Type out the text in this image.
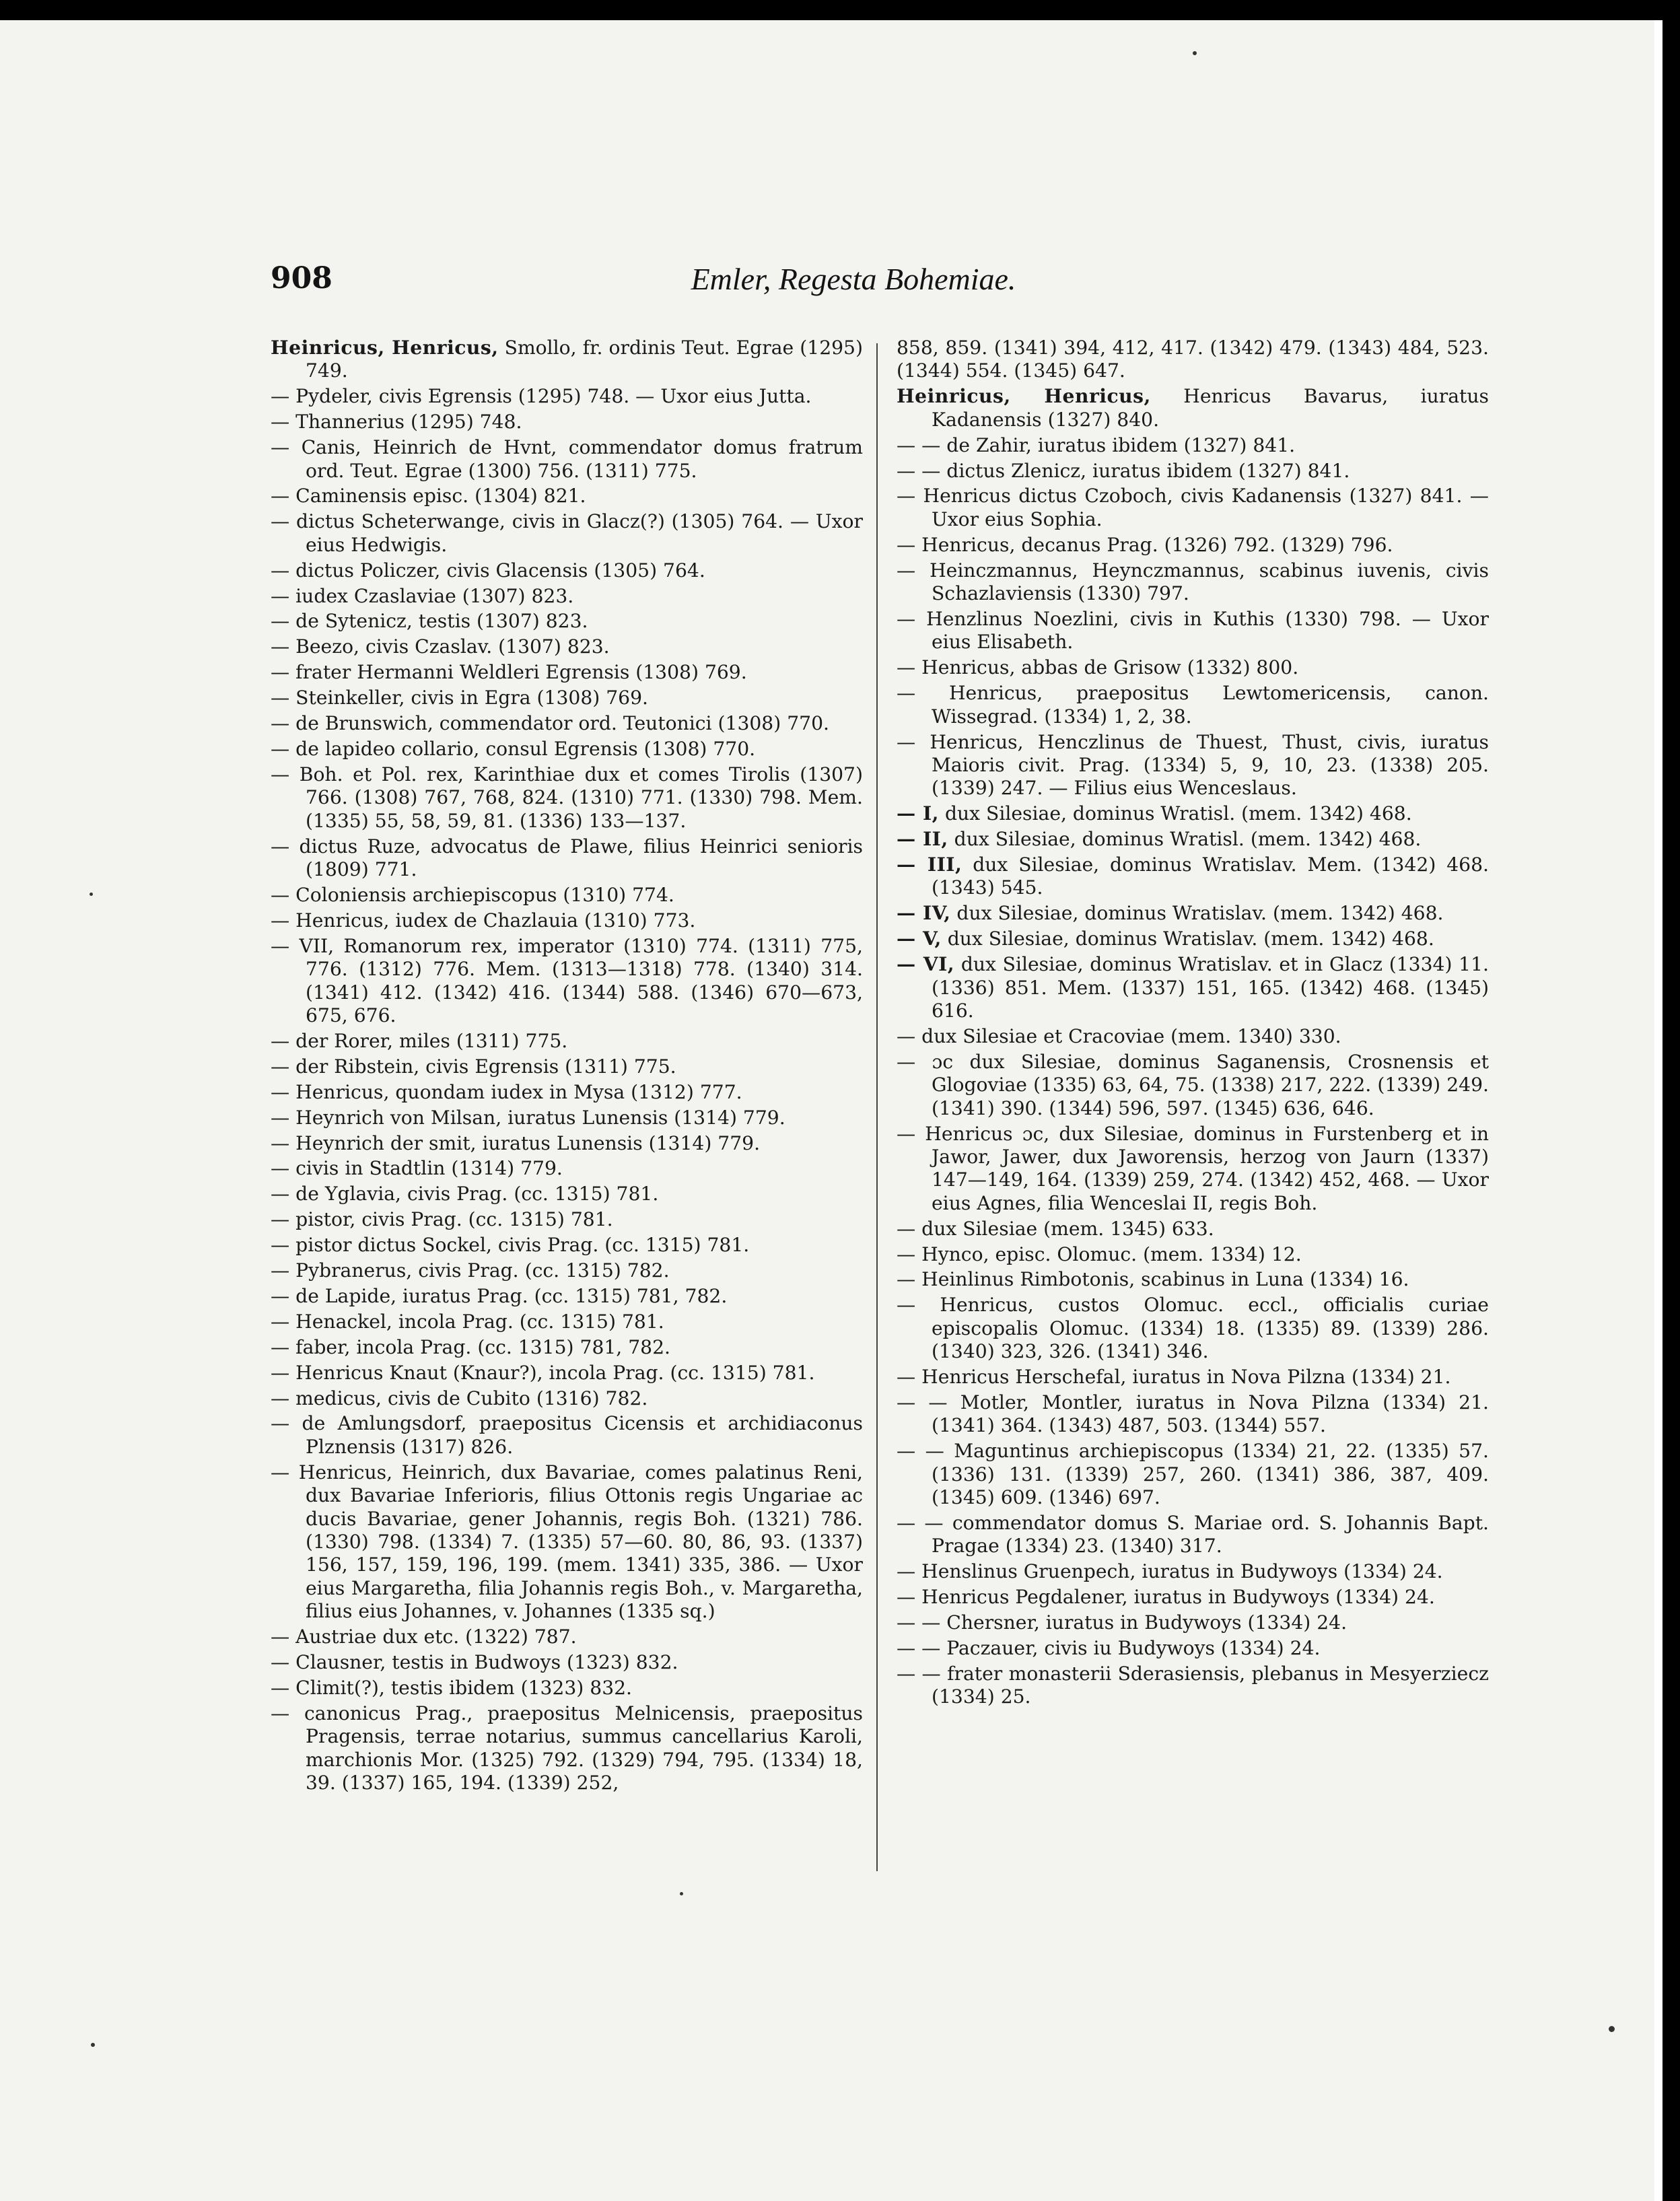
908	Emler, Regesta Bohemiae.
Heinricus, Henricus, Smollo, fr. ordinis Teut. Egrae (1295) 749.
— Pydeler, civis Egrensis (1295) 748. — Uxor eius Jutta.
— Thannerius (1295) 748.
— Canis, Heinrich de Hvnt, commendator domus fratrum ord. Teut. Egrae (1300) 756. (1311) 775.
— Caminensis episc. (1304) 821.
— dictus Scheterwange, civis in Glacz(?) (1305) 764. — Uxor eius Hedwigis.
— dictus Policzer, civis Glacensis (1305) 764.
— iudex Czaslaviae (1307) 823.
— de Sytenicz, testis (1307) 823.
— Beezo, civis Czaslav. (1307) 823.
— frater Hermanni Weldleri Egrensis (1308) 769.
— Steinkeller, civis in Egra (1308) 769.
— de Brunswich, commendator ord. Teutonici (1308) 770.
— de lapideo collario, consul Egrensis (1308) 770.
— Boh. et Pol. rex, Karinthiae dux et comes Tirolis (1307) 766. (1308) 767, 768, 824. (1310) 771. (1330) 798. Mem. (1335) 55, 58, 59, 81. (1336) 133—137.
— dictus Ruze, advocatus de Plawe, filius Heinrici senioris (1809) 771.
— Coloniensis archiepiscopus (1310) 774.
— Henricus, iudex de Chazlauia (1310) 773.
— VII, Romanorum rex, imperator (1310) 774. (1311) 775, 776. (1312) 776. Mem. (1313—1318) 778. (1340) 314. (1341) 412. (1342) 416. (1344) 588. (1346) 670—673, 675, 676.
— der Rorer, miles (1311) 775.
— der Ribstein, civis Egrensis (1311) 775.
— Henricus, quondam iudex in Mysa (1312) 777.
— Heynrich von Milsan, iuratus Lunensis (1314) 779.
— Heynrich der smit, iuratus Lunensis (1314) 779.
— civis in Stadtlin (1314) 779.
— de Yglavia, civis Prag. (cc. 1315) 781.
— pistor, civis Prag. (cc. 1315) 781.
— pistor dictus Sockel, civis Prag. (cc. 1315) 781.
— Pybranerus, civis Prag. (cc. 1315) 782.
— de Lapide, iuratus Prag. (cc. 1315) 781, 782.
— Henackel, incola Prag. (cc. 1315) 781.
— faber, incola Prag. (cc. 1315) 781, 782.
— Henricus Knaut (Knaur?), incola Prag. (cc. 1315) 781.
— medicus, civis de Cubito (1316) 782.
— de Amlungsdorf, praepositus Cicensis et archidiaconus Plznensis (1317) 826.
— Henricus, Heinrich, dux Bavariae, comes palatinus Reni, dux Bavariae Inferioris, filius Ottonis regis Ungariae ac ducis Bavariae, gener Johannis, regis Boh. (1321) 786. (1330) 798. (1334) 7. (1335) 57—60. 80, 86, 93. (1337) 156, 157, 159, 196, 199. (mem. 1341) 335, 386. — Uxor eius Margaretha, filia Johannis regis Boh., v. Margaretha, filius eius Johannes, v. Johannes (1335 sq.)
— Austriae dux etc. (1322) 787.
— Clausner, testis in Budwoys (1323) 832.
— Climit(?), testis ibidem (1323) 832.
— canonicus Prag., praepositus Melnicensis, praepositus Pragensis, terrae notarius, summus cancellarius Karoli, marchionis Mor. (1325) 792. (1329) 794, 795. (1334) 18, 39. (1337) 165, 194. (1339) 252,
858, 859. (1341) 394, 412, 417. (1342) 479. (1343) 484, 523. (1344) 554. (1345) 647.
Heinricus, Henricus, Henricus Bavarus, iuratus Kadanensis (1327) 840.
— — de Zahir, iuratus ibidem (1327) 841.
— — dictus Zlenicz, iuratus ibidem (1327) 841.
— Henricus dictus Czoboch, civis Kadanensis (1327) 841. — Uxor eius Sophia.
— Henricus, decanus Prag. (1326) 792. (1329) 796.
— Heinczmannus, Heynczmannus, scabinus iuvenis, civis Schazlaviensis (1330) 797.
— Henzlinus Noezlini, civis in Kuthis (1330) 798. — Uxor eius Elisabeth.
— Henricus, abbas de Grisow (1332) 800.
— Henricus, praepositus Lewtomericensis, canon. Wissegrad. (1334) 1, 2, 38.
— Henricus, Henczlinus de Thuest, Thust, civis, iuratus Maioris civit. Prag. (1334) 5, 9, 10, 23. (1338) 205. (1339) 247. — Filius eius Wenceslaus.
— I, dux Silesiae, dominus Wratisl. (mem. 1342) 468.
— II, dux Silesiae, dominus Wratisl. (mem. 1342) 468.
— III, dux Silesiae, dominus Wratislav. Mem. (1342) 468. (1343) 545.
— IV, dux Silesiae, dominus Wratislav. (mem. 1342) 468.
— V, dux Silesiae, dominus Wratislav. (mem. 1342) 468.
— VI, dux Silesiae, dominus Wratislav. et in Glacz (1334) 11. (1336) 851. Mem. (1337) 151, 165. (1342) 468. (1345) 616.
— dux Silesiae et Cracoviae (mem. 1340) 330.
— ɔc dux Silesiae, dominus Saganensis, Crosnensis et Glogoviae (1335) 63, 64, 75. (1338) 217, 222. (1339) 249. (1341) 390. (1344) 596, 597. (1345) 636, 646.
— Henricus ɔc, dux Silesiae, dominus in Furstenberg et in Jawor, Jawer, dux Jaworensis, herzog von Jaurn (1337) 147—149, 164. (1339) 259, 274. (1342) 452, 468. — Uxor eius Agnes, filia Wenceslai II, regis Boh.
— dux Silesiae (mem. 1345) 633.
— Hynco, episc. Olomuc. (mem. 1334) 12.
— Heinlinus Rimbotonis, scabinus in Luna (1334) 16.
— Henricus, custos Olomuc. eccl., officialis curiae episcopalis Olomuc. (1334) 18. (1335) 89. (1339) 286. (1340) 323, 326. (1341) 346.
— Henricus Herschefal, iuratus in Nova Pilzna (1334) 21.
— — Motler, Montler, iuratus in Nova Pilzna (1334) 21. (1341) 364. (1343) 487, 503. (1344) 557.
— — Maguntinus archiepiscopus (1334) 21, 22. (1335) 57. (1336) 131. (1339) 257, 260. (1341) 386, 387, 409. (1345) 609. (1346) 697.
— — commendator domus S. Mariae ord. S. Johannis Bapt. Pragae (1334) 23. (1340) 317.
— Henslinus Gruenpech, iuratus in Budywoys (1334) 24.
— Henricus Pegdalener, iuratus in Budywoys (1334) 24.
— — Chersner, iuratus in Budywoys (1334) 24.
— — Paczauer, civis iu Budywoys (1334) 24.
— — frater monasterii Sderasiensis, plebanus in Mesyerziecz (1334) 25.
